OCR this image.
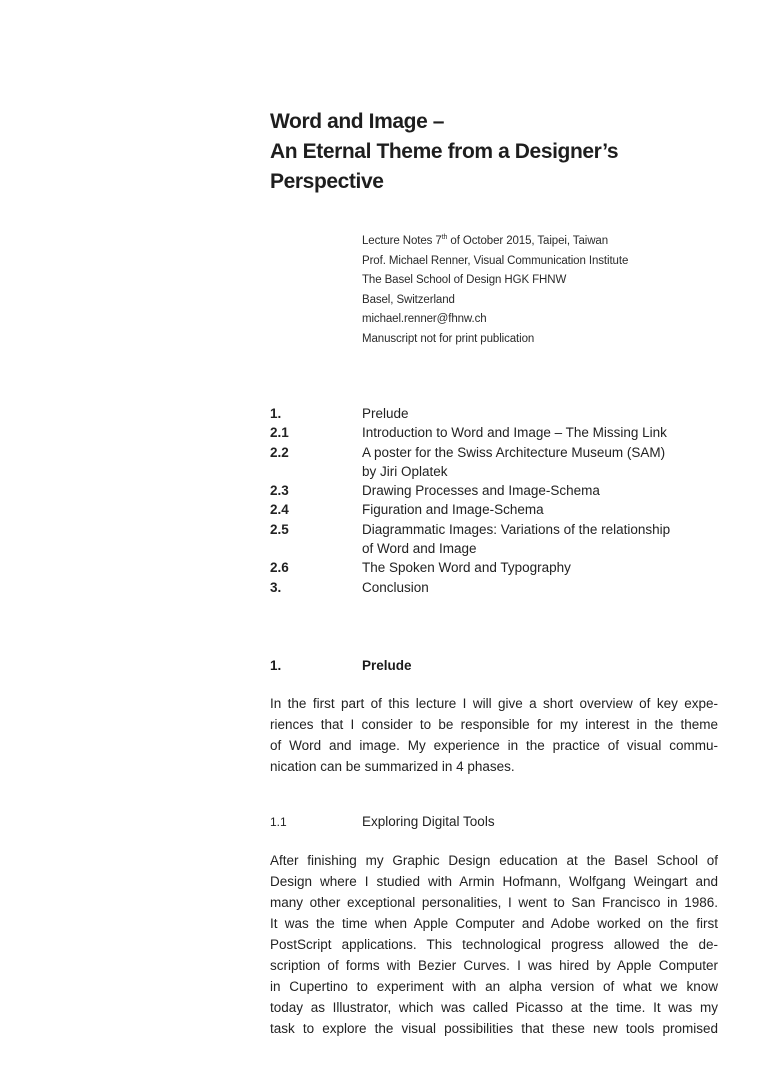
Word and Image –
An Eternal Theme from a Designer’s
Perspective
Lecture Notes 7th of October 2015, Taipei, Taiwan
Prof. Michael Renner, Visual Communication Institute
The Basel School of Design HGK FHNW
Basel, Switzerland
michael.renner@fhnw.ch
Manuscript not for print publication
1.	Prelude
2.1	Introduction to Word and Image – The Missing Link
2.2	A poster for the Swiss Architecture Museum (SAM)
by Jiri Oplatek
2.3	Drawing Processes and Image-Schema
2.4	Figuration and Image-Schema
2.5	Diagrammatic Images: Variations of the relationship
of Word and Image
2.6	The Spoken Word and Typography
3.	Conclusion
1.	Prelude

In the first part of this lecture I will give a short overview of key expe-
riences that I consider to be responsible for my interest in the theme
of Word and image. My experience in the practice of visual commu-
nication can be summarized in 4 phases.

1.1	Exploring Digital Tools

After finishing my Graphic Design education at the Basel School of
Design where I studied with Armin Hofmann, Wolfgang Weingart and
many other exceptional personalities, I went to San Francisco in 1986.
It was the time when Apple Computer and Adobe worked on the first
PostScript applications. This technological progress allowed the de-
scription of forms with Bezier Curves. I was hired by Apple Computer
in Cupertino to experiment with an alpha version of what we know
today as Illustrator, which was called Picasso at the time. It was my
task to explore the visual possibilities that these new tools promised
